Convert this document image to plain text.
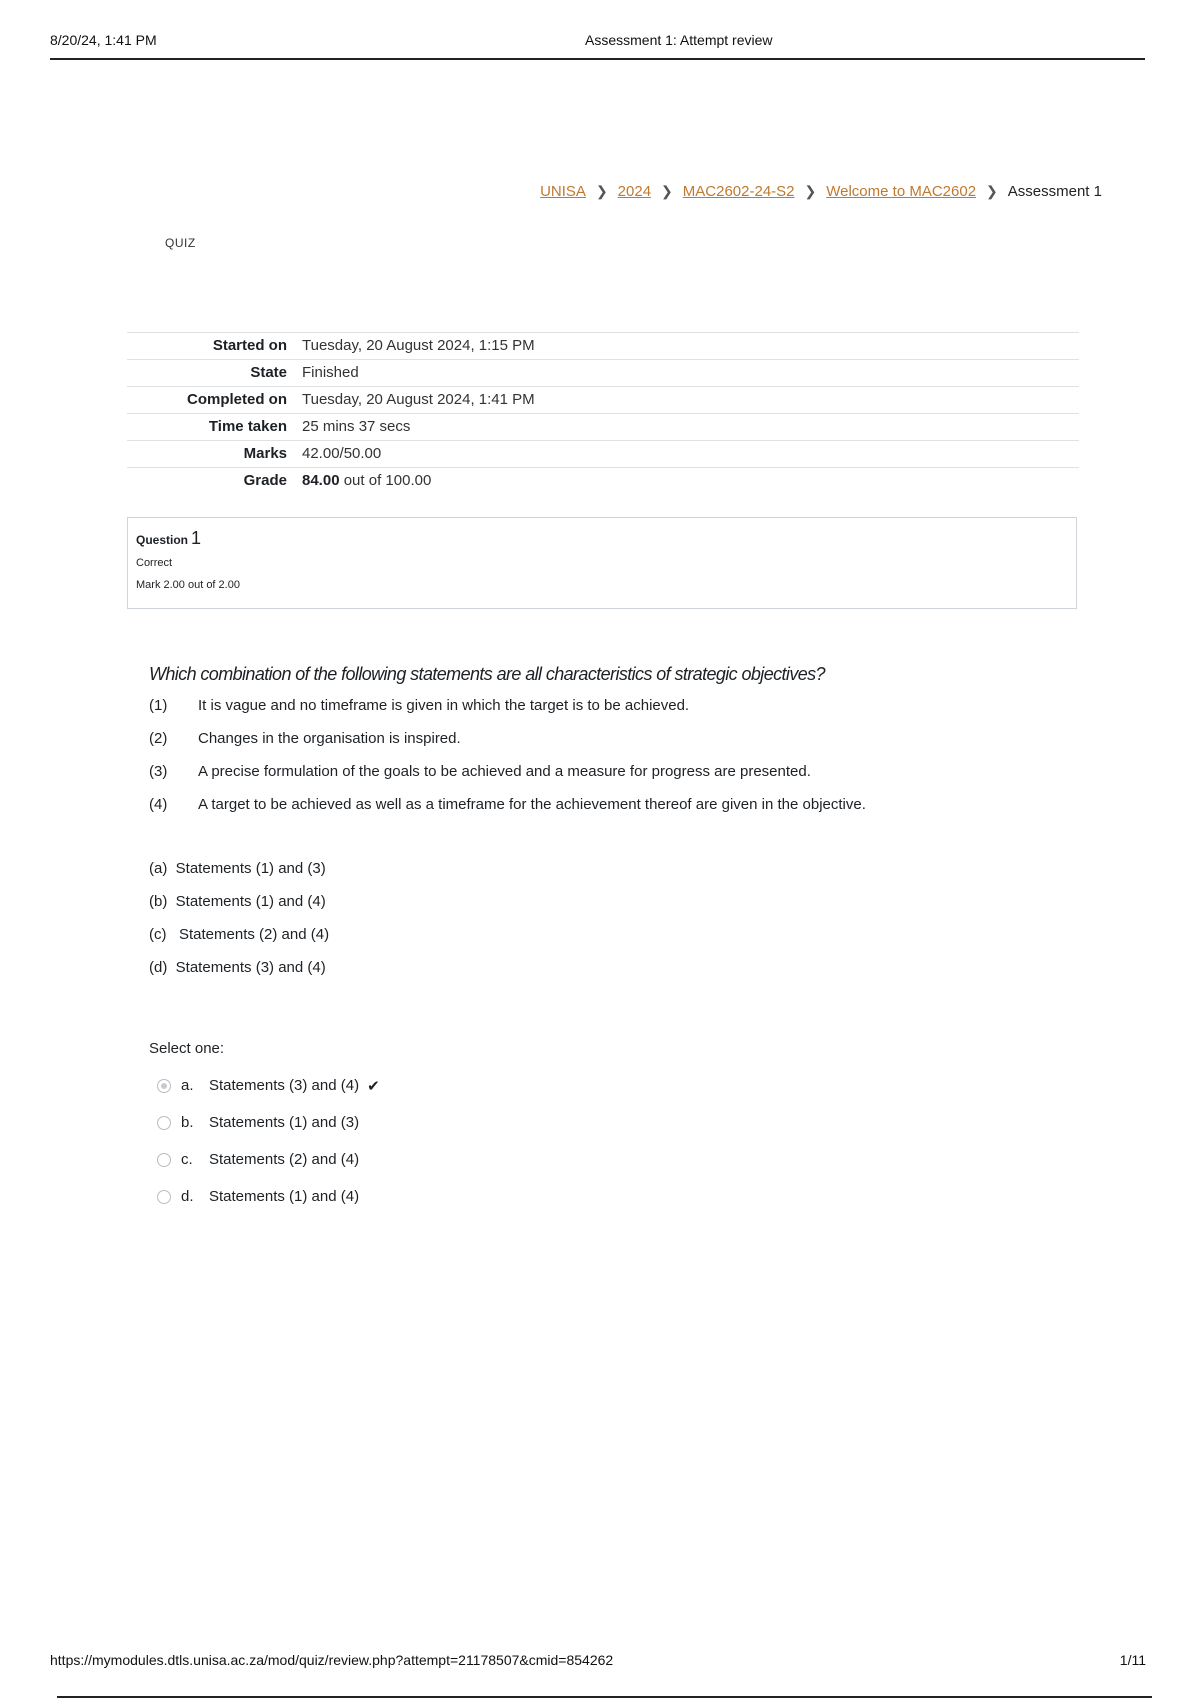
8/20/24, 1:41 PM	Assessment 1: Attempt review
UNISA ❯ 2024 ❯ MAC2602-24-S2 ❯ Welcome to MAC2602 ❯ Assessment 1
QUIZ
Started on	Tuesday, 20 August 2024, 1:15 PM
State	Finished
Completed on	Tuesday, 20 August 2024, 1:41 PM
Time taken	25 mins 37 secs
Marks	42.00/50.00
Grade	84.00 out of 100.00
Question 1
Correct
Mark 2.00 out of 2.00
Which combination of the following statements are all characteristics of strategic objectives?
(1)	It is vague and no timeframe is given in which the target is to be achieved.
(2)	Changes in the organisation is inspired.
(3)	A precise formulation of the goals to be achieved and a measure for progress are presented.
(4)	A target to be achieved as well as a timeframe for the achievement thereof are given in the objective.
(a)  Statements (1) and (3)
(b)  Statements (1) and (4)
(c)   Statements (2) and (4)
(d)  Statements (3) and (4)
Select one:
a.	Statements (3) and (4) ✔
b.	Statements (1) and (3)
c.	Statements (2) and (4)
d.	Statements (1) and (4)
https://mymodules.dtls.unisa.ac.za/mod/quiz/review.php?attempt=21178507&cmid=854262	1/11
